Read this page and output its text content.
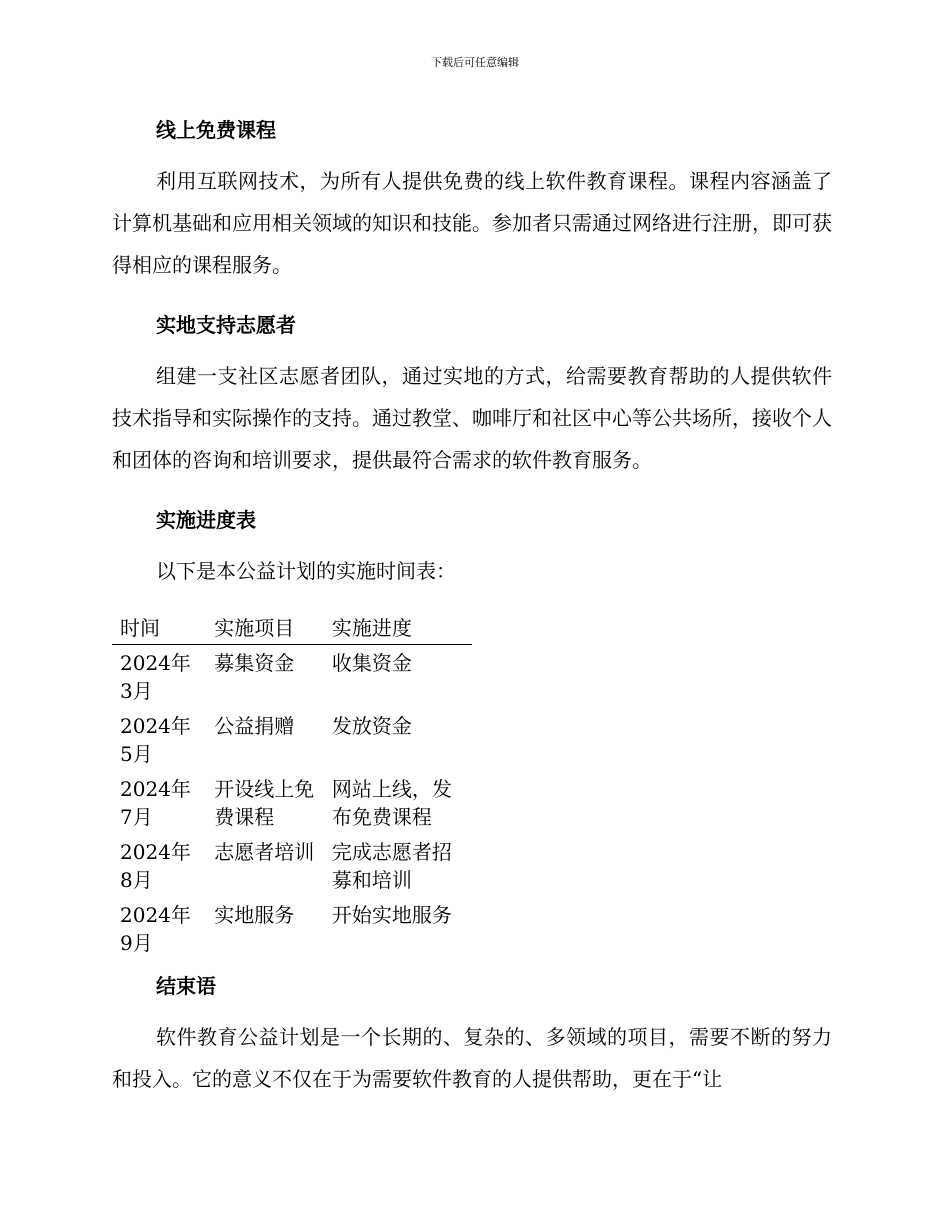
下载后可任意编辑
线上免费课程

利用互联网技术，为所有人提供免费的线上软件教育课程。课程内容涵盖了计算机基础和应用相关领域的知识和技能。参加者只需通过网络进行注册，即可获得相应的课程服务。

实地支持志愿者

组建一支社区志愿者团队，通过实地的方式，给需要教育帮助的人提供软件技术指导和实际操作的支持。通过教堂、咖啡厅和社区中心等公共场所，接收个人和团体的咨询和培训要求，提供最符合需求的软件教育服务。

实施进度表

以下是本公益计划的实施时间表：

时间	实施项目	实施进度
2024年3月	募集资金	收集资金
2024年5月	公益捐赠	发放资金
2024年7月	开设线上免费课程	网站上线，发布免费课程
2024年8月	志愿者培训	完成志愿者招募和培训
2024年9月	实地服务	开始实地服务
结束语

软件教育公益计划是一个长期的、复杂的、多领域的项目，需要不断的努力和投入。它的意义不仅在于为需要软件教育的人提供帮助，更在于“让
